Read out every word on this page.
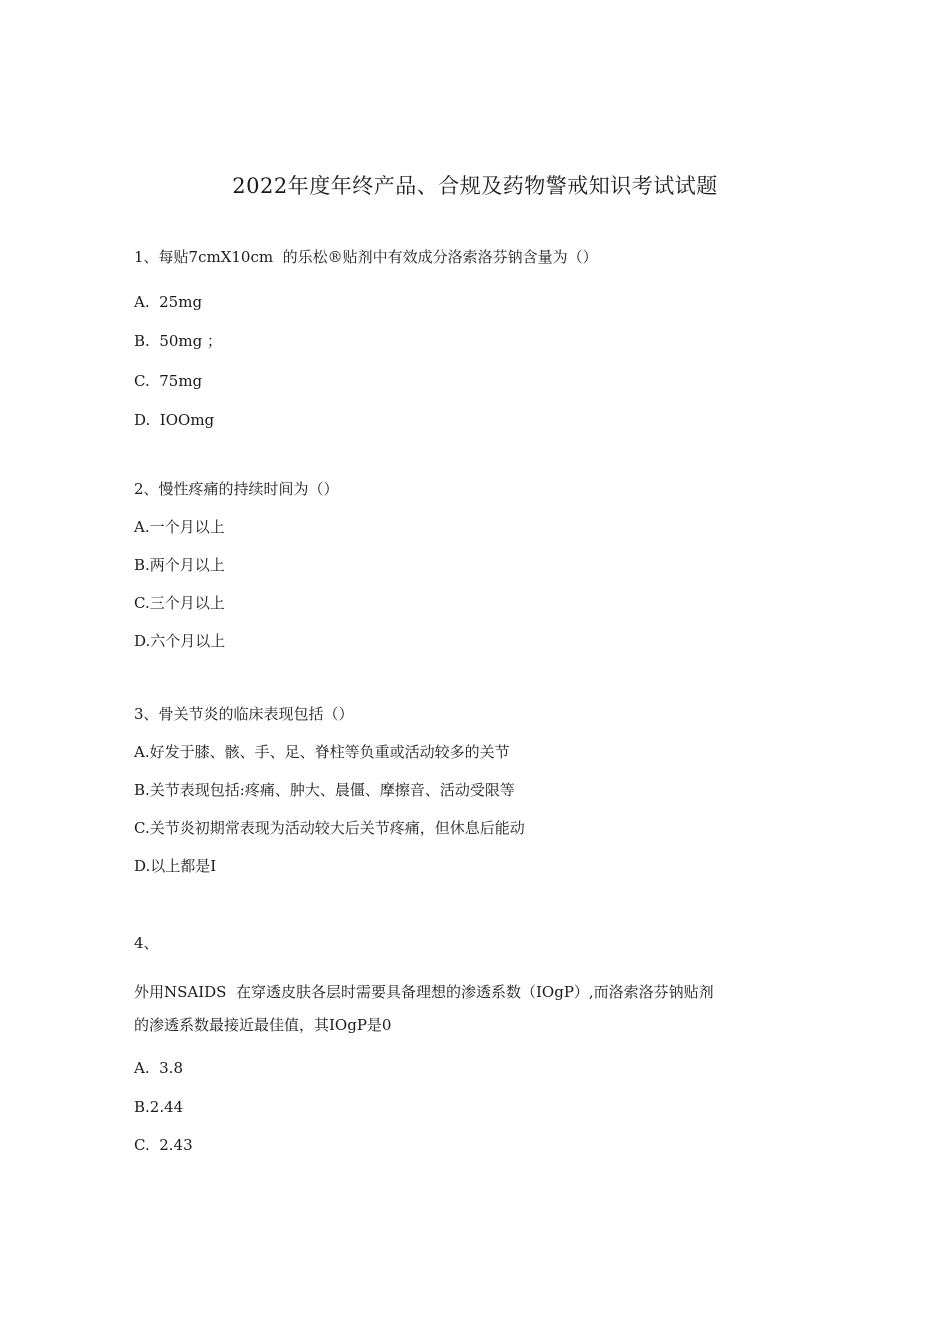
2022年度年终产品、合规及药物警戒知识考试试题
1、每贴7cmX10cm  的乐松®贴剂中有效成分洛索洛芬钠含量为（）
A.  25mg
B.  50mg ；
C.  75mg
D.  IOOmg
2、慢性疼痛的持续时间为（）
A.一个月以上
B.两个月以上
C.三个月以上
D.六个月以上
3、骨关节炎的临床表现包括（）
A.好发于膝、骸、手、足、脊柱等负重或活动较多的关节
B.关节表现包括:疼痛、肿大、晨僵、摩擦音、活动受限等
C.关节炎初期常表现为活动较大后关节疼痛，但休息后能动
D.以上都是I
4、
外用NSAIDS  在穿透皮肤各层时需要具备理想的渗透系数（IOgP）,而洛索洛芬钠贴剂
的渗透系数最接近最佳值，其IOgP是0
A.  3.8
B.2.44
C.  2.43
